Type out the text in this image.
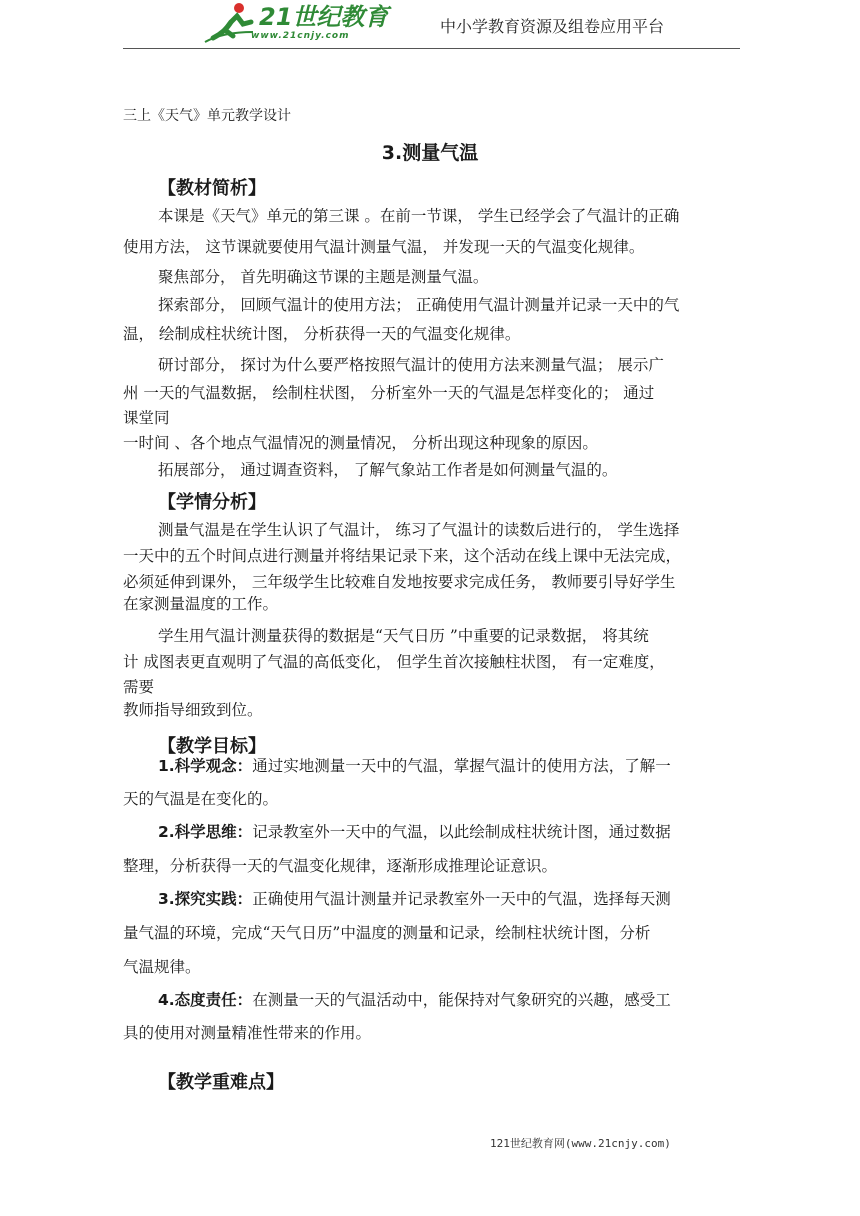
21世纪教育
www.21cnjy.com	中小学教育资源及组卷应用平台
三上《天气》单元教学设计
3.测量气温
【教材简析】
本课是《天气》单元的第三课 。在前一节课， 学生已经学会了气温计的正确
使用方法， 这节课就要使用气温计测量气温， 并发现一天的气温变化规律。
聚焦部分， 首先明确这节课的主题是测量气温。
探索部分， 回顾气温计的使用方法； 正确使用气温计测量并记录一天中的气
温， 绘制成柱状统计图， 分析获得一天的气温变化规律。
研讨部分， 探讨为什么要严格按照气温计的使用方法来测量气温； 展示广
州 一天的气温数据， 绘制柱状图， 分析室外一天的气温是怎样变化的； 通过
课堂同
一时间 、各个地点气温情况的测量情况， 分析出现这种现象的原因。
拓展部分， 通过调查资料， 了解气象站工作者是如何测量气温的。
【学情分析】
测量气温是在学生认识了气温计， 练习了气温计的读数后进行的， 学生选择
一天中的五个时间点进行测量并将结果记录下来，这个活动在线上课中无法完成，
必须延伸到课外， 三年级学生比较难自发地按要求完成任务， 教师要引导好学生
在家测量温度的工作。
学生用气温计测量获得的数据是“天气日历 ”中重要的记录数据， 将其统
计 成图表更直观明了气温的高低变化， 但学生首次接触柱状图， 有一定难度，
需要
教师指导细致到位。
【教学目标】
1.科学观念：通过实地测量一天中的气温，掌握气温计的使用方法，了解一
天的气温是在变化的。
2.科学思维：记录教室外一天中的气温，以此绘制成柱状统计图，通过数据
整理，分析获得一天的气温变化规律，逐渐形成推理论证意识。
3.探究实践：正确使用气温计测量并记录教室外一天中的气温，选择每天测
量气温的环境，完成“天气日历”中温度的测量和记录，绘制柱状统计图，分析
气温规律。
4.态度责任：在测量一天的气温活动中，能保持对气象研究的兴趣，感受工
具的使用对测量精准性带来的作用。
【教学重难点】
121世纪教育网(www.21cnjy.com)
